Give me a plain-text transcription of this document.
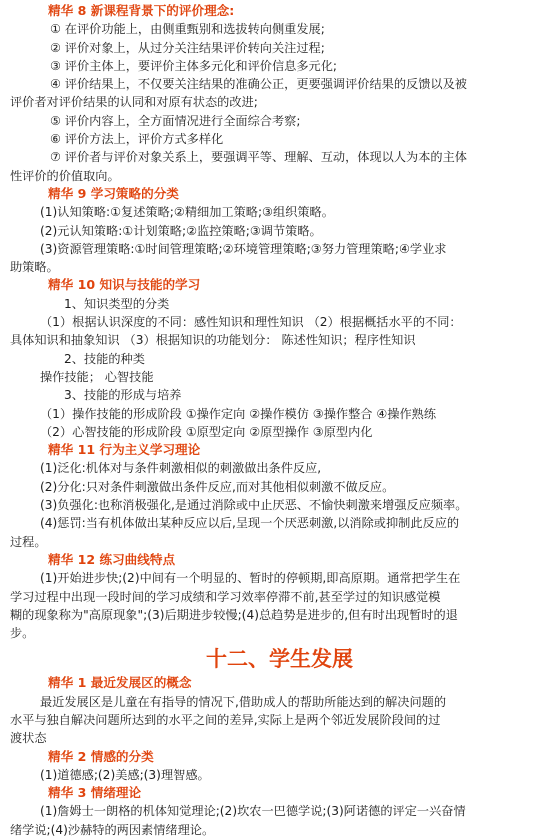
精华 8 新课程背景下的评价理念:
① 在评价功能上，由侧重甄别和选拔转向侧重发展;
② 评价对象上，从过分关注结果评价转向关注过程;
③ 评价主体上，要评价主体多元化和评价信息多元化;
④ 评价结果上，不仅要关注结果的准确公正，更要强调评价结果的反馈以及被
评价者对评价结果的认同和对原有状态的改进;
⑤ 评价内容上，全方面情况进行全面综合考察;
⑥ 评价方法上，评价方式多样化
⑦ 评价者与评价对象关系上，要强调平等、理解、互动，体现以人为本的主体
性评价的价值取向。
精华 9 学习策略的分类
(1)认知策略:①复述策略;②精细加工策略;③组织策略。
(2)元认知策略:①计划策略;②监控策略;③调节策略。
(3)资源管理策略:①时间管理策略;②环境管理策略;③努力管理策略;④学业求
助策略。
精华 10 知识与技能的学习
1、知识类型的分类
（1）根据认识深度的不同：感性知识和理性知识 （2）根据概括水平的不同：
具体知识和抽象知识 （3）根据知识的功能划分： 陈述性知识；程序性知识
2、技能的种类
操作技能； 心智技能
3、技能的形成与培养
（1）操作技能的形成阶段 ①操作定向 ②操作模仿 ③操作整合 ④操作熟练
（2）心智技能的形成阶段 ①原型定向 ②原型操作 ③原型内化
精华 11 行为主义学习理论
(1)泛化:机体对与条件刺激相似的刺激做出条件反应,
(2)分化:只对条件刺激做出条件反应,而对其他相似刺激不做反应。
(3)负强化:也称消极强化,是通过消除或中止厌恶、不愉快刺激来增强反应频率。
(4)惩罚:当有机体做出某种反应以后,呈现一个厌恶刺激,以消除或抑制此反应的
过程。
精华 12 练习曲线特点
(1)开始进步快;(2)中间有一个明显的、暂时的停顿期,即高原期。通常把学生在
学习过程中出现一段时间的学习成绩和学习效率停滞不前,甚至学过的知识感觉模
糊的现象称为"高原现象";(3)后期进步较慢;(4)总趋势是进步的,但有时出现暂时的退
步。
十二、学生发展
精华 1 最近发展区的概念
最近发展区是儿童在有指导的情况下,借助成人的帮助所能达到的解决问题的
水平与独自解决问题所达到的水平之间的差异,实际上是两个邻近发展阶段间的过
渡状态
精华 2 情感的分类
(1)道德感;(2)美感;(3)理智感。
精华 3 情绪理论
(1)詹姆士一朗格的机体知觉理论;(2)坎农一巴德学说;(3)阿诺德的评定一兴奋情
绪学说;(4)沙赫特的两因素情绪理论。
